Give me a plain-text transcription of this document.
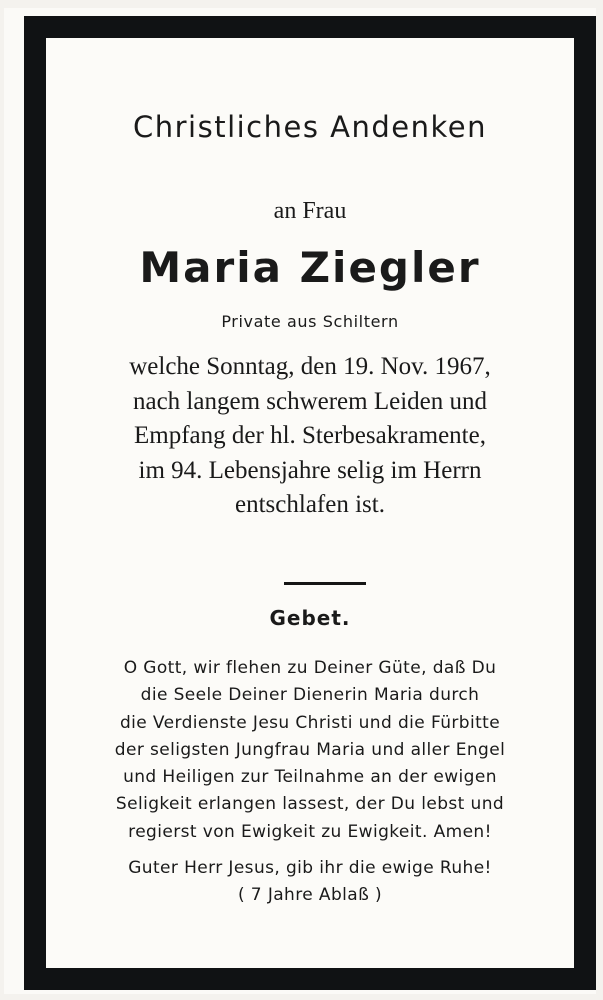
Christliches Andenken
an Frau
Maria Ziegler
Private aus Schiltern
welche Sonntag, den 19. Nov. 1967,
nach langem schwerem Leiden und
Empfang der hl. Sterbesakramente,
im 94. Lebensjahre selig im Herrn
entschlafen ist.
Gebet.
O Gott, wir flehen zu Deiner Güte, daß Du
die Seele Deiner Dienerin Maria durch
die Verdienste Jesu Christi und die Fürbitte
der seligsten Jungfrau Maria und aller Engel
und Heiligen zur Teilnahme an der ewigen
Seligkeit erlangen lassest, der Du lebst und
regierst von Ewigkeit zu Ewigkeit. Amen!
Guter Herr Jesus, gib ihr die ewige Ruhe!
( 7 Jahre Ablaß )
